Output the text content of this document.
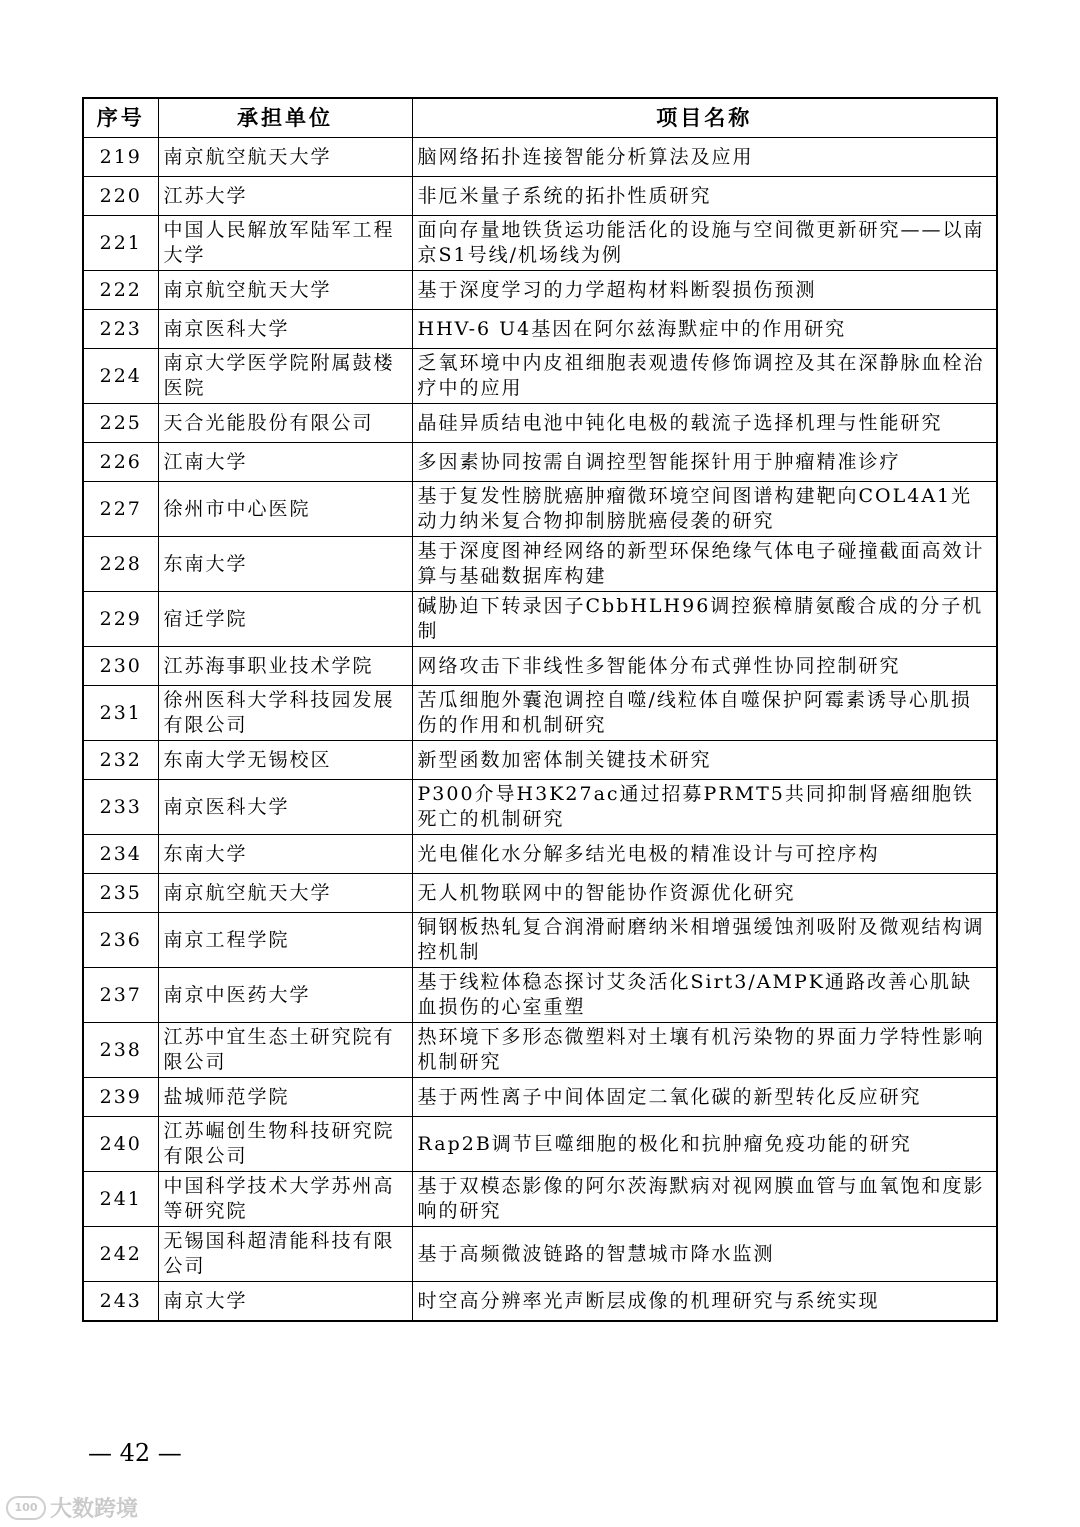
序号	承担单位	项目名称
219	南京航空航天大学	脑网络拓扑连接智能分析算法及应用
220	江苏大学	非厄米量子系统的拓扑性质研究
221	中国人民解放军陆军工程大学	面向存量地铁货运功能活化的设施与空间微更新研究——以南京S1号线/机场线为例
222	南京航空航天大学	基于深度学习的力学超构材料断裂损伤预测
223	南京医科大学	HHV-6 U4基因在阿尔兹海默症中的作用研究
224	南京大学医学院附属鼓楼医院	乏氧环境中内皮祖细胞表观遗传修饰调控及其在深静脉血栓治疗中的应用
225	天合光能股份有限公司	晶硅异质结电池中钝化电极的载流子选择机理与性能研究
226	江南大学	多因素协同按需自调控型智能探针用于肿瘤精准诊疗
227	徐州市中心医院	基于复发性膀胱癌肿瘤微环境空间图谱构建靶向COL4A1光动力纳米复合物抑制膀胱癌侵袭的研究
228	东南大学	基于深度图神经网络的新型环保绝缘气体电子碰撞截面高效计算与基础数据库构建
229	宿迁学院	碱胁迫下转录因子CbbHLH96调控猴樟腈氨酸合成的分子机制
230	江苏海事职业技术学院	网络攻击下非线性多智能体分布式弹性协同控制研究
231	徐州医科大学科技园发展有限公司	苦瓜细胞外囊泡调控自噬/线粒体自噬保护阿霉素诱导心肌损伤的作用和机制研究
232	东南大学无锡校区	新型函数加密体制关键技术研究
233	南京医科大学	P300介导H3K27ac通过招募PRMT5共同抑制肾癌细胞铁死亡的机制研究
234	东南大学	光电催化水分解多结光电极的精准设计与可控序构
235	南京航空航天大学	无人机物联网中的智能协作资源优化研究
236	南京工程学院	铜钢板热轧复合润滑耐磨纳米相增强缓蚀剂吸附及微观结构调控机制
237	南京中医药大学	基于线粒体稳态探讨艾灸活化Sirt3/AMPK通路改善心肌缺血损伤的心室重塑
238	江苏中宜生态土研究院有限公司	热环境下多形态微塑料对土壤有机污染物的界面力学特性影响机制研究
239	盐城师范学院	基于两性离子中间体固定二氧化碳的新型转化反应研究
240	江苏崛创生物科技研究院有限公司	Rap2B调节巨噬细胞的极化和抗肿瘤免疫功能的研究
241	中国科学技术大学苏州高等研究院	基于双模态影像的阿尔茨海默病对视网膜血管与血氧饱和度影响的研究
242	无锡国科超清能科技有限公司	基于高频微波链路的智慧城市降水监测
243	南京大学	时空高分辨率光声断层成像的机理研究与系统实现
— 42 —
100 大数跨境
